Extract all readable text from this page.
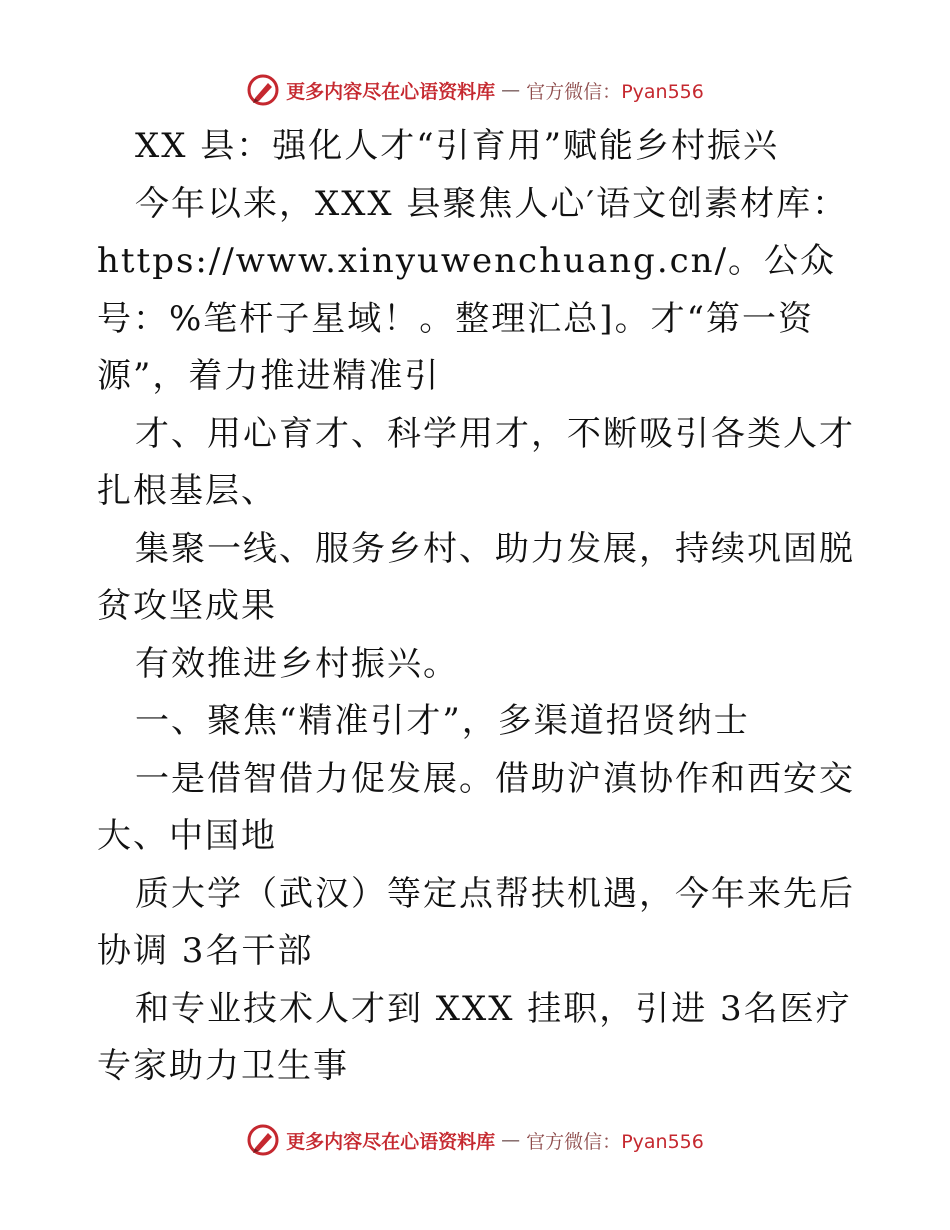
更多内容尽在心语资料库 — 官方微信：Pyan556

XX 县：强化人才“引育用”赋能乡村振兴

今年以来，XXX 县聚焦人心′语文创素材库：https://www.xinyuwenchuang.cn/。公众号：%笔杆子星域！。整理汇总]。才“第一资源”，着力推进精准引

才、用心育才、科学用才，不断吸引各类人才扎根基层、

集聚一线、服务乡村、助力发展，持续巩固脱贫攻坚成果

有效推进乡村振兴。

一、聚焦“精准引才”，多渠道招贤纳士

一是借智借力促发展。借助沪滇协作和西安交大、中国地

质大学（武汉）等定点帮扶机遇，今年来先后协调 3名干部

和专业技术人才到 XXX 挂职，引进 3名医疗专家助力卫生事

更多内容尽在心语资料库 — 官方微信：Pyan556
